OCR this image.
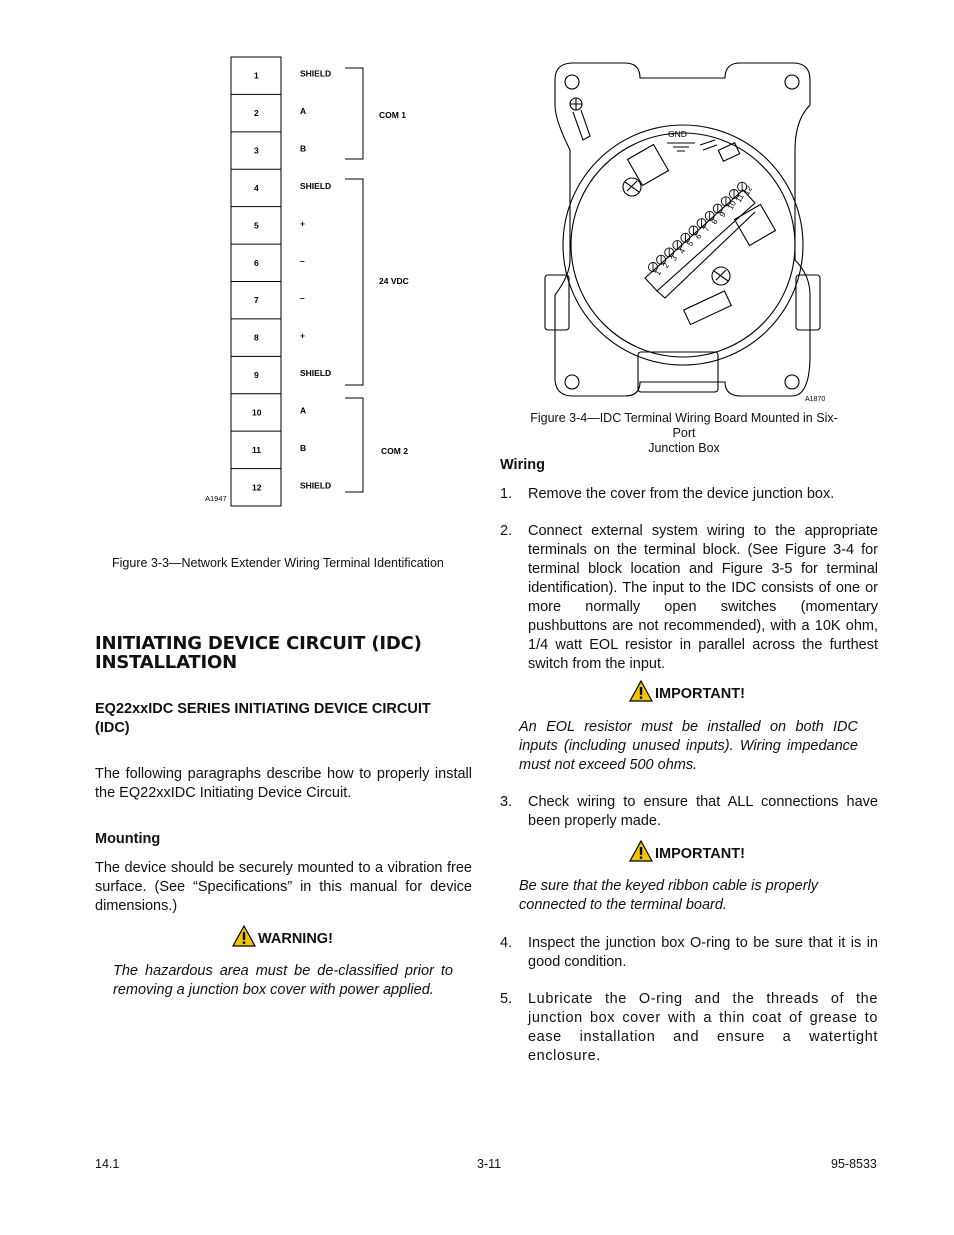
1
2
3
4
5
6
7
8
9
10
11
12
SHIELD
A
B
SHIELD
+
–
–
+
SHIELD
A
B
SHIELD
COM 1
24 VDC
COM 2
A1947
Figure 3-3—Network Extender Wiring Terminal Identification
1
2
3
4
5
6
7
8
9
10
11
12
GND
A1870
Figure 3-4—IDC Terminal Wiring Board Mounted in Six-Port
Junction Box
INITIATING DEVICE CIRCUIT (IDC)
INSTALLATION
EQ22xxIDC SERIES INITIATING DEVICE CIRCUIT
(IDC)

The following paragraphs describe how to properly install the EQ22xxIDC Initiating Device Circuit.

Mounting

The device should be securely mounted to a vibration free surface. (See “Specifications” in this manual for device dimensions.)

WARNING!

The hazardous area must be de-classified prior to removing a junction box cover with power applied.

Wiring
1. Remove the cover from the device junction box.
2. Connect external system wiring to the appropriate terminals on the terminal block. (See Figure 3-4 for terminal block location and Figure 3-5 for terminal identification). The input to the IDC consists of one or more normally open switches (momentary pushbuttons are not recommended), with a 10K ohm, 1/4 watt EOL resistor in parallel across the furthest switch from the input.
IMPORTANT!

An EOL resistor must be installed on both IDC inputs (including unused inputs). Wiring impedance must not exceed 500 ohms.

3. Check wiring to ensure that ALL connections have been properly made.
IMPORTANT!

Be sure that the keyed ribbon cable is properly connected to the terminal board.

4. Inspect the junction box O-ring to be sure that it is in good condition.
5. Lubricate the O-ring and the threads of the junction box cover with a thin coat of grease to ease installation and ensure a watertight enclosure.
14.1	3-11	95-8533
